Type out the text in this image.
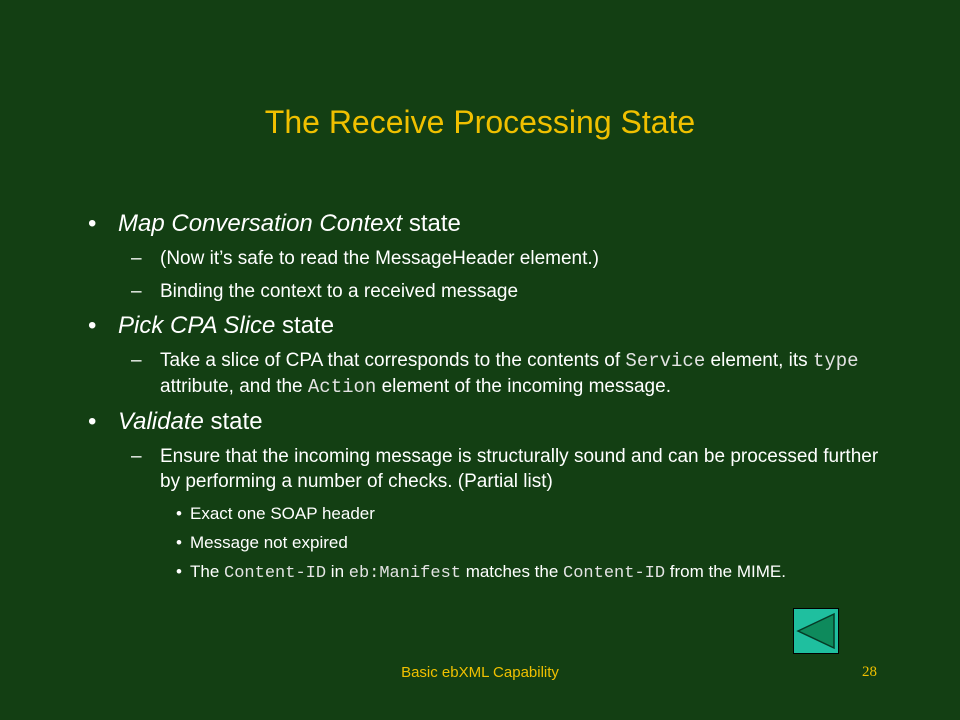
The Receive Processing State
• Map Conversation Context state
– (Now it’s safe to read the MessageHeader element.)
– Binding the context to a received message
• Pick CPA Slice state
– Take a slice of CPA that corresponds to the contents of Service element, its type attribute, and the Action element of the incoming message.
• Validate state
– Ensure that the incoming message is structurally sound and can be processed further by performing a number of checks. (Partial list)
• Exact one SOAP header
• Message not expired
• The Content-ID in eb:Manifest matches the Content-ID from the MIME.
Basic ebXML Capability	28
